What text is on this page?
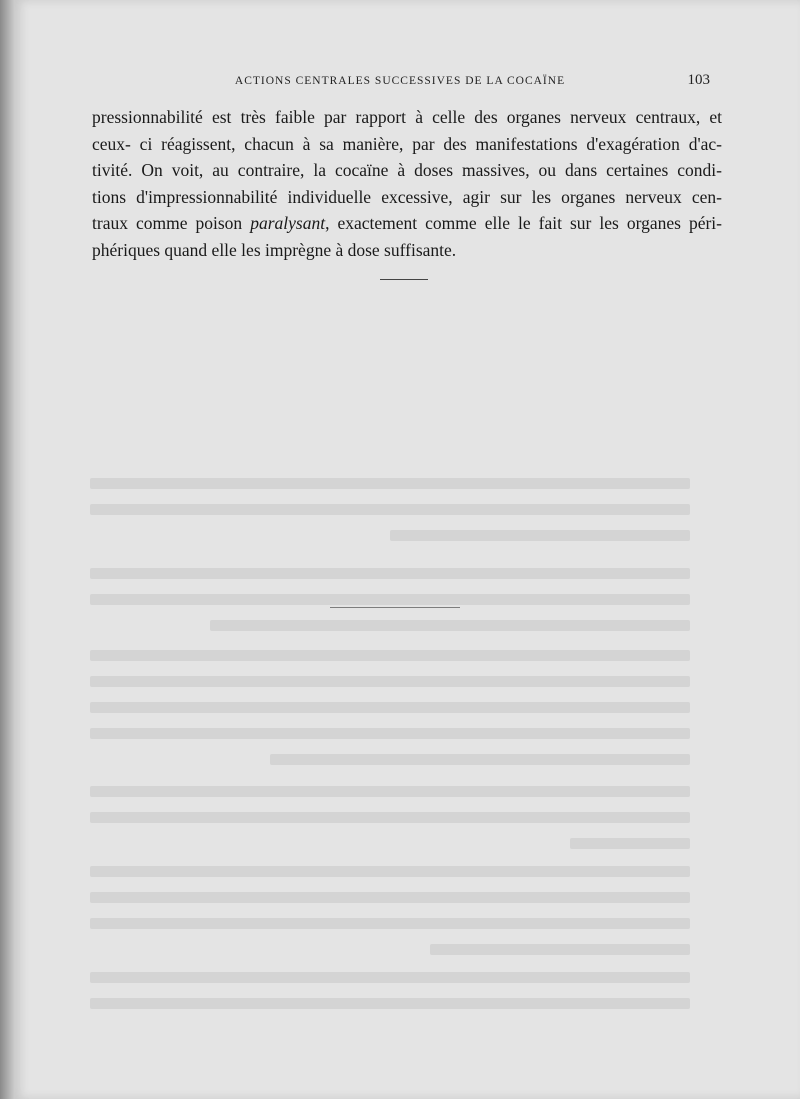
ACTIONS CENTRALES SUCCESSIVES DE LA COCAÏNE	103
pressionnabilité est très faible par rapport à celle des organes nerveux centraux, et
ceux- ci réagissent, chacun à sa manière, par des manifestations d'exagération d'ac-
tivité. On voit, au contraire, la cocaïne à doses massives, ou dans certaines condi-
tions d'impressionnabilité individuelle excessive, agir sur les organes nerveux cen-
traux comme poison paralysant, exactement comme elle le fait sur les organes péri-
phériques quand elle les imprègne à dose suffisante.
